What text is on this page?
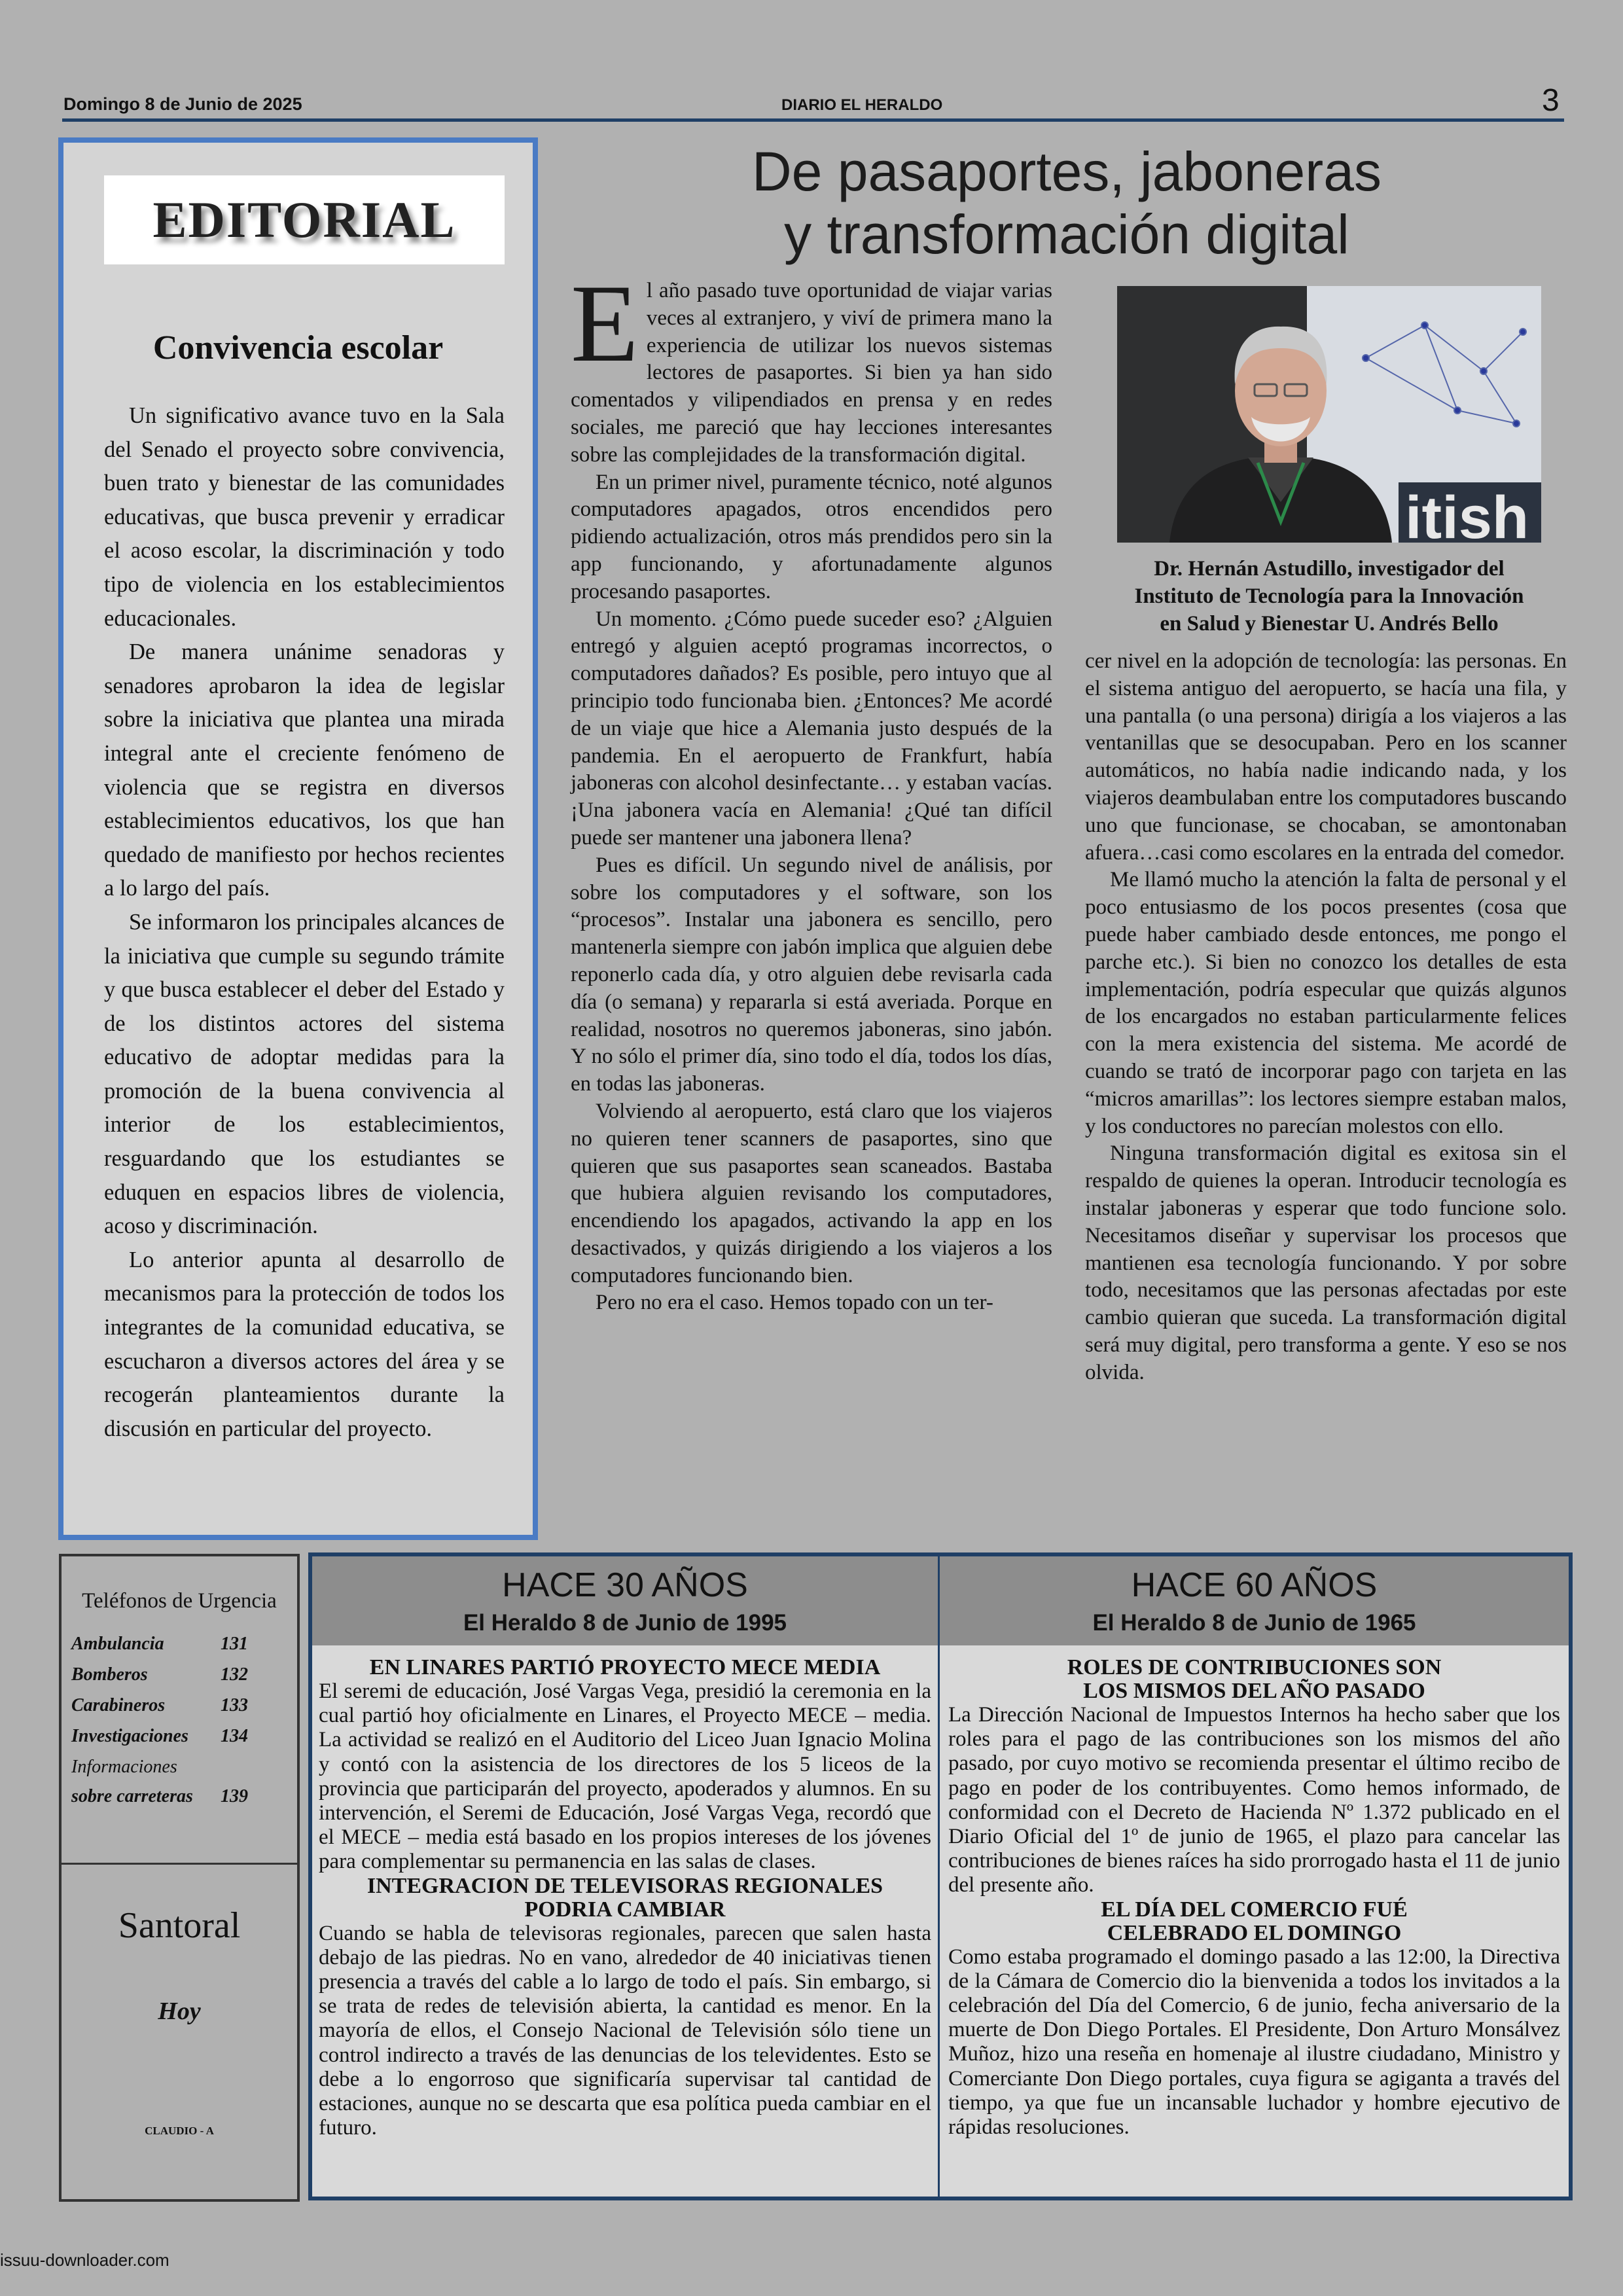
Domingo 8 de Junio de 2025	DIARIO EL HERALDO	3
EDITORIAL
Convivencia escolar

Un significativo avance tuvo en la Sala del Senado el proyecto sobre convivencia, buen trato y bienestar de las comunidades educativas, que busca prevenir y erradicar el acoso escolar, la discriminación y todo tipo de violencia en los establecimientos educacionales.

De manera unánime senadoras y senadores aprobaron la idea de legislar sobre la iniciativa que plantea una mirada integral ante el creciente fenómeno de violencia que se registra en diversos establecimientos educativos, los que han quedado de manifiesto por hechos recientes a lo largo del país.

Se informaron los principales alcances de la iniciativa que cumple su segundo trámite y que busca establecer el deber del Estado y de los distintos actores del sistema educativo de adoptar medidas para la promoción de la buena convivencia al interior de los establecimientos, resguardando que los estudiantes se eduquen en espacios libres de violencia, acoso y discriminación.

Lo anterior apunta al desarrollo de mecanismos para la protección de todos los integrantes de la comunidad educativa, se escucharon a diversos actores del área y se recogerán planteamientos durante la discusión en particular del proyecto.

De pasaportes, jaboneras
y transformación digital

El año pasado tuve oportunidad de viajar varias veces al extranjero, y viví de primera mano la experiencia de utilizar los nuevos sistemas lectores de pasaportes. Si bien ya han sido comentados y vilipendiados en prensa y en redes sociales, me pareció que hay lecciones interesantes sobre las complejidades de la transformación digital.

En un primer nivel, puramente técnico, noté algunos computadores apagados, otros encendidos pero pidiendo actualización, otros más prendidos pero sin la app funcionando, y afortunadamente algunos procesando pasaportes.

Un momento. ¿Cómo puede suceder eso? ¿Alguien entregó y alguien aceptó programas incorrectos, o computadores dañados? Es posible, pero intuyo que al principio todo funcionaba bien. ¿Entonces? Me acordé de un viaje que hice a Alemania justo después de la pandemia. En el aeropuerto de Frankfurt, había jaboneras con alcohol desinfectante… y estaban vacías. ¡Una jabonera vacía en Alemania! ¿Qué tan difícil puede ser mantener una jabonera llena?

Pues es difícil. Un segundo nivel de análisis, por sobre los computadores y el software, son los “procesos”. Instalar una jabonera es sencillo, pero mantenerla siempre con jabón implica que alguien debe reponerlo cada día, y otro alguien debe revisarla cada día (o semana) y repararla si está averiada. Porque en realidad, nosotros no queremos jaboneras, sino jabón. Y no sólo el primer día, sino todo el día, todos los días, en todas las jaboneras.

Volviendo al aeropuerto, está claro que los viajeros no quieren tener scanners de pasaportes, sino que quieren que sus pasaportes sean scaneados. Bastaba que hubiera alguien revisando los computadores, encendiendo los apagados, activando la app en los desactivados, y quizás dirigiendo a los viajeros a los computadores funcionando bien.

Pero no era el caso. Hemos topado con un ter-

itish
Dr. Hernán Astudillo, investigador del
Instituto de Tecnología para la Innovación
en Salud y Bienestar U. Andrés Bello

cer nivel en la adopción de tecnología: las personas. En el sistema antiguo del aeropuerto, se hacía una fila, y una pantalla (o una persona) dirigía a los viajeros a las ventanillas que se desocupaban. Pero en los scanner automáticos, no había nadie indicando nada, y los viajeros deambulaban entre los computadores buscando uno que funcionase, se chocaban, se amontonaban afuera…casi como escolares en la entrada del comedor.

Me llamó mucho la atención la falta de personal y el poco entusiasmo de los pocos presentes (cosa que puede haber cambiado desde entonces, me pongo el parche etc.). Si bien no conozco los detalles de esta implementación, podría especular que quizás algunos de los encargados no estaban particularmente felices con la mera existencia del sistema. Me acordé de cuando se trató de incorporar pago con tarjeta en las “micros amarillas”: los lectores siempre estaban malos, y los conductores no parecían molestos con ello.

Ninguna transformación digital es exitosa sin el respaldo de quienes la operan. Introducir tecnología es instalar jaboneras y esperar que todo funcione solo. Necesitamos diseñar y supervisar los procesos que mantienen esa tecnología funcionando. Y por sobre todo, necesitamos que las personas afectadas por este cambio quieran que suceda. La transformación digital será muy digital, pero transforma a gente. Y eso se nos olvida.

Teléfonos de Urgencia
Ambulancia	131
Bomberos	132
Carabineros	133
Investigaciones 134
Informaciones
sobre carreteras 139
Santoral
Hoy
CLAUDIO - A
HACE 30 AÑOS
El Heraldo 8 de Junio de 1995
HACE 60 AÑOS
El Heraldo 8 de Junio de 1965
EN LINARES PARTIÓ PROYECTO MECE MEDIA

El seremi de educación, José Vargas Vega, presidió la ceremonia en la cual partió hoy oficialmente en Linares, el Proyecto MECE – media. La actividad se realizó en el Auditorio del Liceo Juan Ignacio Molina y contó con la asistencia de los directores de los 5 liceos de la provincia que participarán del proyecto, apoderados y alumnos. En su intervención, el Seremi de Educación, José Vargas Vega, recordó que el MECE – media está basado en los propios intereses de los jóvenes para complementar su permanencia en las salas de clases.

INTEGRACION DE TELEVISORAS REGIONALES
PODRIA CAMBIAR

Cuando se habla de televisoras regionales, parecen que salen hasta debajo de las piedras. No en vano, alrededor de 40 iniciativas tienen presencia a través del cable a lo largo de todo el país. Sin embargo, si se trata de redes de televisión abierta, la cantidad es menor. En la mayoría de ellos, el Consejo Nacional de Televisión sólo tiene un control indirecto a través de las denuncias de los televidentes. Esto se debe a lo engorroso que significaría supervisar tal cantidad de estaciones, aunque no se descarta que esa política pueda cambiar en el futuro.

ROLES DE CONTRIBUCIONES SON
LOS MISMOS DEL AÑO PASADO

La Dirección Nacional de Impuestos Internos ha hecho saber que los roles para el pago de las contribuciones son los mismos del año pasado, por cuyo motivo se recomienda presentar el último recibo de pago en poder de los contribuyentes. Como hemos informado, de conformidad con el Decreto de Hacienda Nº 1.372 publicado en el Diario Oficial del 1º de junio de 1965, el plazo para cancelar las contribuciones de bienes raíces ha sido prorrogado hasta el 11 de junio del presente año.

EL DÍA DEL COMERCIO FUÉ
CELEBRADO EL DOMINGO

Como estaba programado el domingo pasado a las 12:00, la Directiva de la Cámara de Comercio dio la bienvenida a todos los invitados a la celebración del Día del Comercio, 6 de junio, fecha aniversario de la muerte de Don Diego Portales. El Presidente, Don Arturo Monsálvez Muñoz, hizo una reseña en homenaje al ilustre ciudadano, Ministro y Comerciante Don Diego portales, cuya figura se agiganta a través del tiempo, ya que fue un incansable luchador y hombre ejecutivo de rápidas resoluciones.

issuu-downloader.com
